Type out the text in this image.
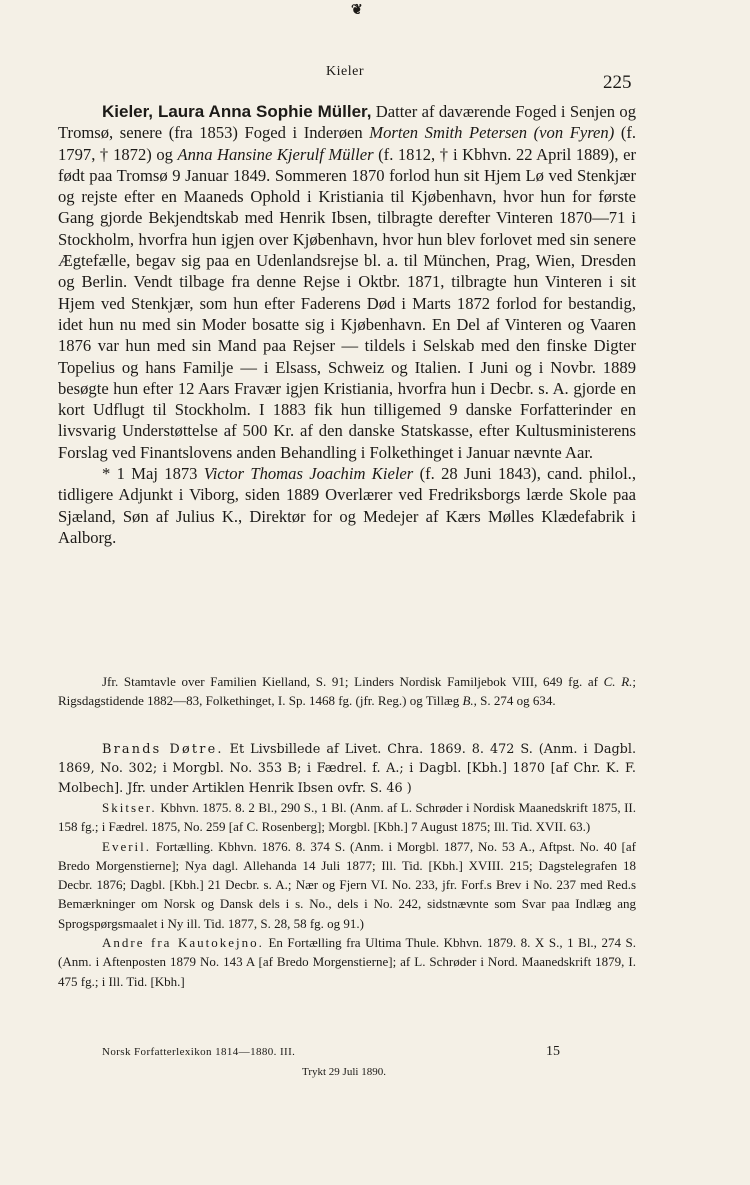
❦
Kieler
225

Kieler, Laura Anna Sophie Müller, Datter af daværende Foged i Senjen og Tromsø, senere (fra 1853) Foged i Inderøen Morten Smith Petersen (von Fyren) (f. 1797, † 1872) og Anna Hansine Kjerulf Müller (f. 1812, † i Kbhvn. 22 April 1889), er født paa Tromsø 9 Januar 1849. Sommeren 1870 forlod hun sit Hjem Lø ved Stenkjær og rejste efter en Maaneds Ophold i Kristiania til Kjøbenhavn, hvor hun for første Gang gjorde Bekjendtskab med Henrik Ibsen, tilbragte derefter Vinteren 1870—71 i Stockholm, hvorfra hun igjen over Kjøbenhavn, hvor hun blev forlovet med sin senere Ægtefælle, begav sig paa en Udenlandsrejse bl. a. til München, Prag, Wien, Dresden og Berlin. Vendt tilbage fra denne Rejse i Oktbr. 1871, tilbragte hun Vinteren i sit Hjem ved Stenkjær, som hun efter Faderens Død i Marts 1872 forlod for bestandig, idet hun nu med sin Moder bosatte sig i Kjøbenhavn. En Del af Vinteren og Vaaren 1876 var hun med sin Mand paa Rejser — tildels i Selskab med den finske Digter Topelius og hans Familje — i Elsass, Schweiz og Italien. I Juni og i Novbr. 1889 besøgte hun efter 12 Aars Fravær igjen Kristiania, hvorfra hun i Decbr. s. A. gjorde en kort Udflugt til Stockholm. I 1883 fik hun tilligemed 9 danske Forfatterinder en livsvarig Understøttelse af 500 Kr. af den danske Statskasse, efter Kultusministerens Forslag ved Finantslovens anden Behandling i Folkethinget i Januar nævnte Aar.

* 1 Maj 1873 Victor Thomas Joachim Kieler (f. 28 Juni 1843), cand. philol., tidligere Adjunkt i Viborg, siden 1889 Overlærer ved Fredriksborgs lærde Skole paa Sjæland, Søn af Julius K., Direktør for og Medejer af Kærs Mølles Klædefabrik i Aalborg.

Jfr. Stamtavle over Familien Kielland, S. 91; Linders Nordisk Familjebok VIII, 649 fg. af C. R.; Rigsdagstidende 1882—83, Folkethinget, I. Sp. 1468 fg. (jfr. Reg.) og Tillæg B., S. 274 og 634.

Brands Døtre. Et Livsbillede af Livet. Chra. 1869. 8. 472 S. (Anm. i Dagbl. 1869, No. 302; i Morgbl. No. 353 B; i Fædrel. f. A.; i Dagbl. [Kbh.] 1870 [af Chr. K. F. Molbech]. Jfr. under Artiklen Henrik Ibsen ovfr. S. 46 )

Skitser. Kbhvn. 1875. 8. 2 Bl., 290 S., 1 Bl. (Anm. af L. Schrøder i Nordisk Maanedskrift 1875, II. 158 fg.; i Fædrel. 1875, No. 259 [af C. Rosenberg]; Morgbl. [Kbh.] 7 August 1875; Ill. Tid. XVII. 63.)

Everil. Fortælling. Kbhvn. 1876. 8. 374 S. (Anm. i Morgbl. 1877, No. 53 A., Aftpst. No. 40 [af Bredo Morgenstierne]; Nya dagl. Allehanda 14 Juli 1877; Ill. Tid. [Kbh.] XVIII. 215; Dagstelegrafen 18 Decbr. 1876; Dagbl. [Kbh.] 21 Decbr. s. A.; Nær og Fjern VI. No. 233, jfr. Forf.s Brev i No. 237 med Red.s Bemærkninger om Norsk og Dansk dels i s. No., dels i No. 242, sidstnævnte som Svar paa Indlæg ang Sprogspørgsmaalet i Ny ill. Tid. 1877, S. 28, 58 fg. og 91.)

Andre fra Kautokejno. En Fortælling fra Ultima Thule. Kbhvn. 1879. 8. X S., 1 Bl., 274 S. (Anm. i Aftenposten 1879 No. 143 A [af Bredo Morgenstierne]; af L. Schrøder i Nord. Maanedskrift 1879, I. 475 fg.; i Ill. Tid. [Kbh.]

Norsk Forfatterlexikon 1814—1880. III.	15
Trykt 29 Juli 1890.
